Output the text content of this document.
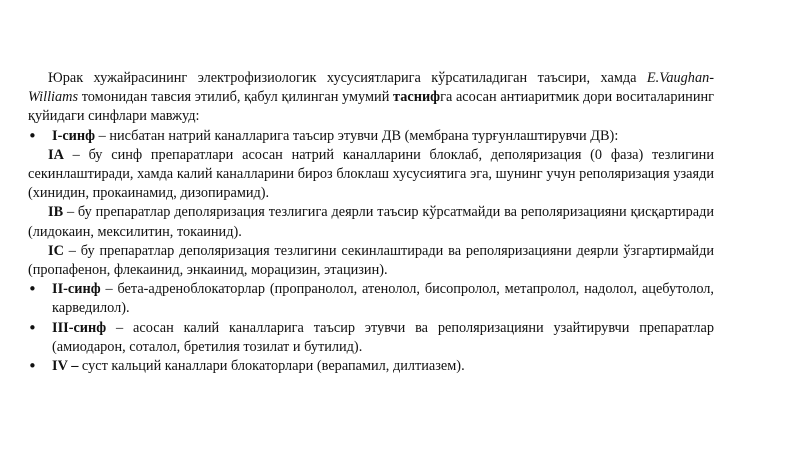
Юрак хужайрасининг электрофизиологик хусусиятларига кўрсатиладиган таъсири, хамда E.Vaughan-Williams томонидан тавсия этилиб, қабул қилинган умумий таснифга асосан антиаритмик дори воситаларининг қуйидаги синфлари мавжуд:

• I-синф – нисбатан натрий каналларига таъсир этувчи ДВ (мембрана турғунлаштирувчи ДВ):

IA – бу синф препаратлари асосан натрий каналларини блоклаб, деполяризация (0 фаза) тезлигини секинлаштиради, хамда калий каналларини бироз блоклаш хусусиятига эга, шунинг учун реполяризация узаяди (хинидин, прокаинамид, дизопирамид).

IB – бу препаратлар деполяризация тезлигига деярли таъсир кўрсатмайди ва реполяризацияни қисқартиради (лидокаин, мексилитин, токаинид).

IC – бу препаратлар деполяризация тезлигини секинлаштиради ва реполяризацияни деярли ўзгартирмайди (пропафенон, флекаинид, энкаинид, морацизин, этацизин).

• II-синф – бета-адреноблокаторлар (пропранолол, атенолол, бисопролол, метапролол, надолол, ацебутолол, карведилол).

• III-синф – асосан калий каналларига таъсир этувчи ва реполяризацияни узайтирувчи препаратлар (амиодарон, соталол, бретилия тозилат и бутилид).

• IV – суст кальций каналлари блокаторлари (верапамил, дилтиазем).
